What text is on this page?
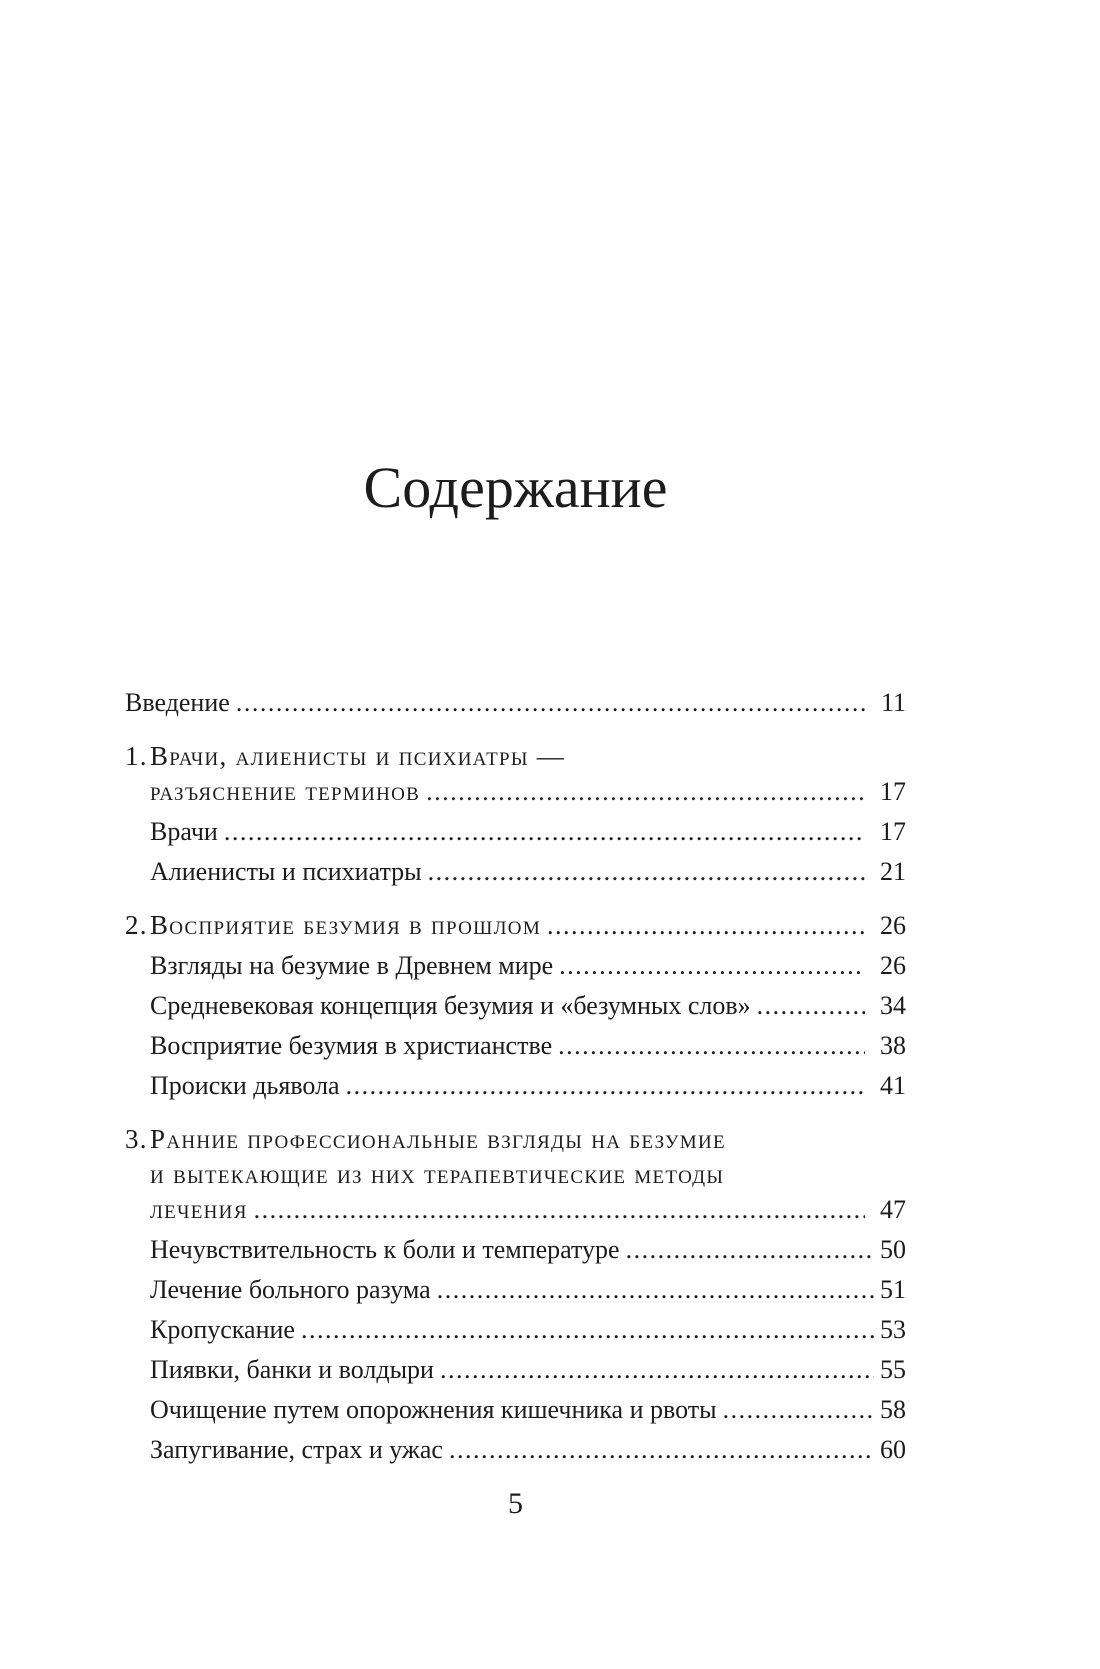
Содержание
Введение .....	11
1. Врачи, алиенисты и психиатры —
разъяснение терминов .....	17
Врачи .....	17
Алиенисты и психиатры .....	21
2. Восприятие безумия в прошлом .....	26
Взгляды на безумие в Древнем мире .....	26
Средневековая концепция безумия и «безумных слов» .....	34
Восприятие безумия в христианстве .....	38
Происки дьявола .....	41
3. Ранние профессиональные взгляды на безумие
и вытекающие из них терапевтические методы
лечения .....	47
Нечувствительность к боли и температуре .....	50
Лечение больного разума .....	51
Кропускание .....	53
Пиявки, банки и волдыри .....	55
Очищение путем опорожнения кишечника и рвоты .....	58
Запугивание, страх и ужас .....	60
5
